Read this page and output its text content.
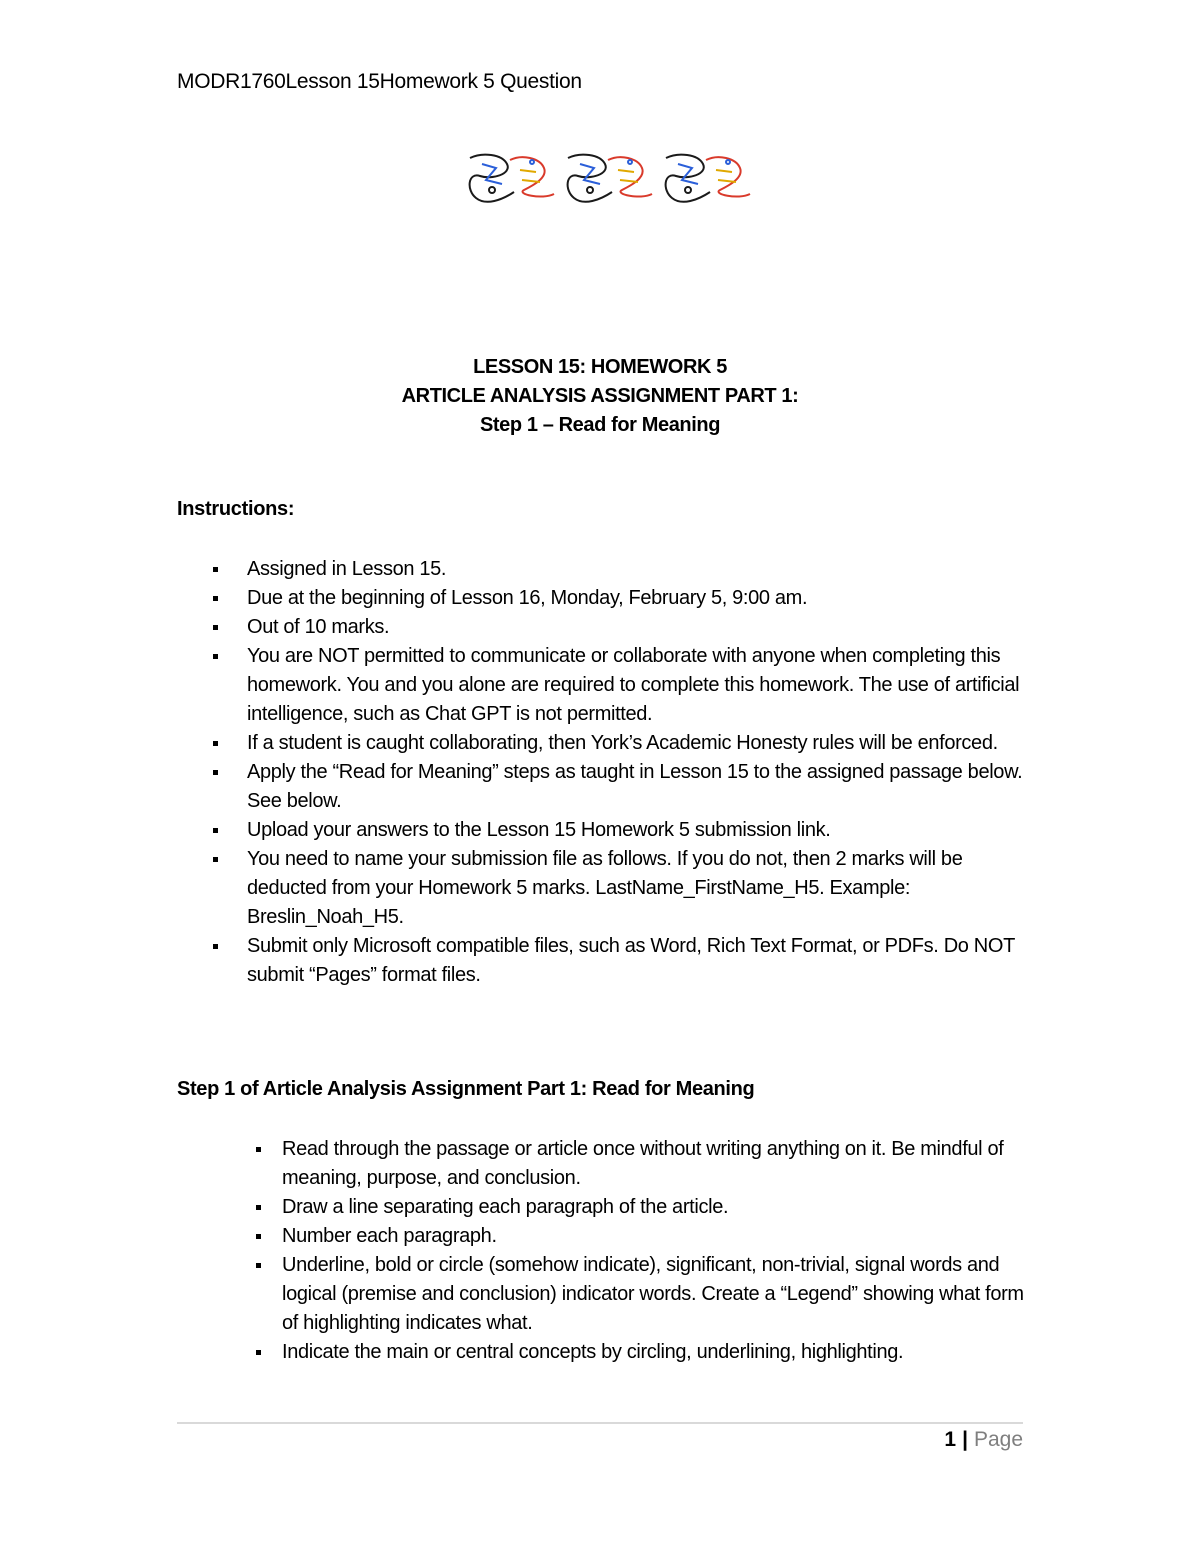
MODR1760Lesson 15Homework 5 Question
LESSON 15: HOMEWORK 5
ARTICLE ANALYSIS ASSIGNMENT PART 1:
Step 1 – Read for Meaning
Instructions:
Assigned in Lesson 15.
Due at the beginning of Lesson 16, Monday, February 5, 9:00 am.
Out of 10 marks.
You are NOT permitted to communicate or collaborate with anyone when completing this homework. You and you alone are required to complete this homework. The use of artificial intelligence, such as Chat GPT is not permitted.
If a student is caught collaborating, then York’s Academic Honesty rules will be enforced.
Apply the “Read for Meaning” steps as taught in Lesson 15 to the assigned passage below. See below.
Upload your answers to the Lesson 15 Homework 5 submission link.
You need to name your submission file as follows. If you do not, then 2 marks will be deducted from your Homework 5 marks. LastName_FirstName_H5. Example: Breslin_Noah_H5.
Submit only Microsoft compatible files, such as Word, Rich Text Format, or PDFs. Do NOT submit “Pages” format files.
Step 1 of Article Analysis Assignment Part 1: Read for Meaning
Read through the passage or article once without writing anything on it. Be mindful of meaning, purpose, and conclusion.
Draw a line separating each paragraph of the article.
Number each paragraph.
Underline, bold or circle (somehow indicate), significant, non-trivial, signal words and logical (premise and conclusion) indicator words. Create a “Legend” showing what form of highlighting indicates what.
Indicate the main or central concepts by circling, underlining, highlighting.
1 | Page
